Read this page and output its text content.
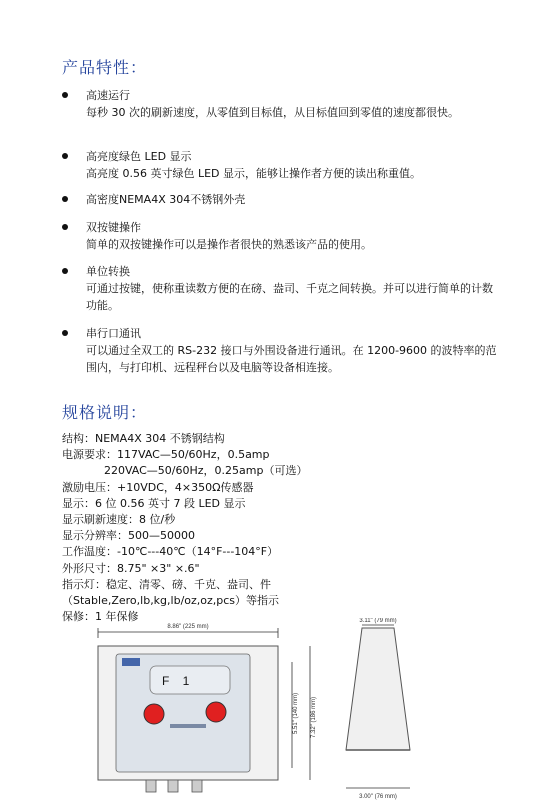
产品特性：
高速运行
每秒 30 次的刷新速度，从零值到目标值，从目标值回到零值的速度都很快。
高亮度绿色 LED 显示
高亮度 0.56 英寸绿色 LED 显示，能够让操作者方便的读出称重值。
高密度NEMA4X 304不锈钢外壳
双按键操作
简单的双按键操作可以是操作者很快的熟悉该产品的使用。
单位转换
可通过按键，使称重读数方便的在磅、盎司、千克之间转换。并可以进行简单的计数功能。
串行口通讯
可以通过全双工的 RS-232 接口与外围设备进行通讯。在 1200-9600 的波特率的范围内，与打印机、远程秤台以及电脑等设备相连接。
规格说明：
结构：NEMA4X 304 不锈钢结构
电源要求：117VAC—50/60Hz，0.5amp
220VAC—50/60Hz，0.25amp（可选）
激励电压：+10VDC，4×350Ω传感器
显示：6 位 0.56 英寸 7 段 LED 显示
显示刷新速度：8 位/秒
显示分辨率：500—50000
工作温度：-10℃---40℃（14°F---104°F）
外形尺寸：8.75" ×3" ×.6"
指示灯：稳定、清零、磅、千克、盎司、件
（Stable,Zero,lb,kg,lb/oz,oz,pcs）等指示
保修：1 年保修
8.86" (225 mm)
F    1
5.51" (140 mm) 7.32" (186 mm)
3.11" (79 mm)
3.00" (76 mm)
